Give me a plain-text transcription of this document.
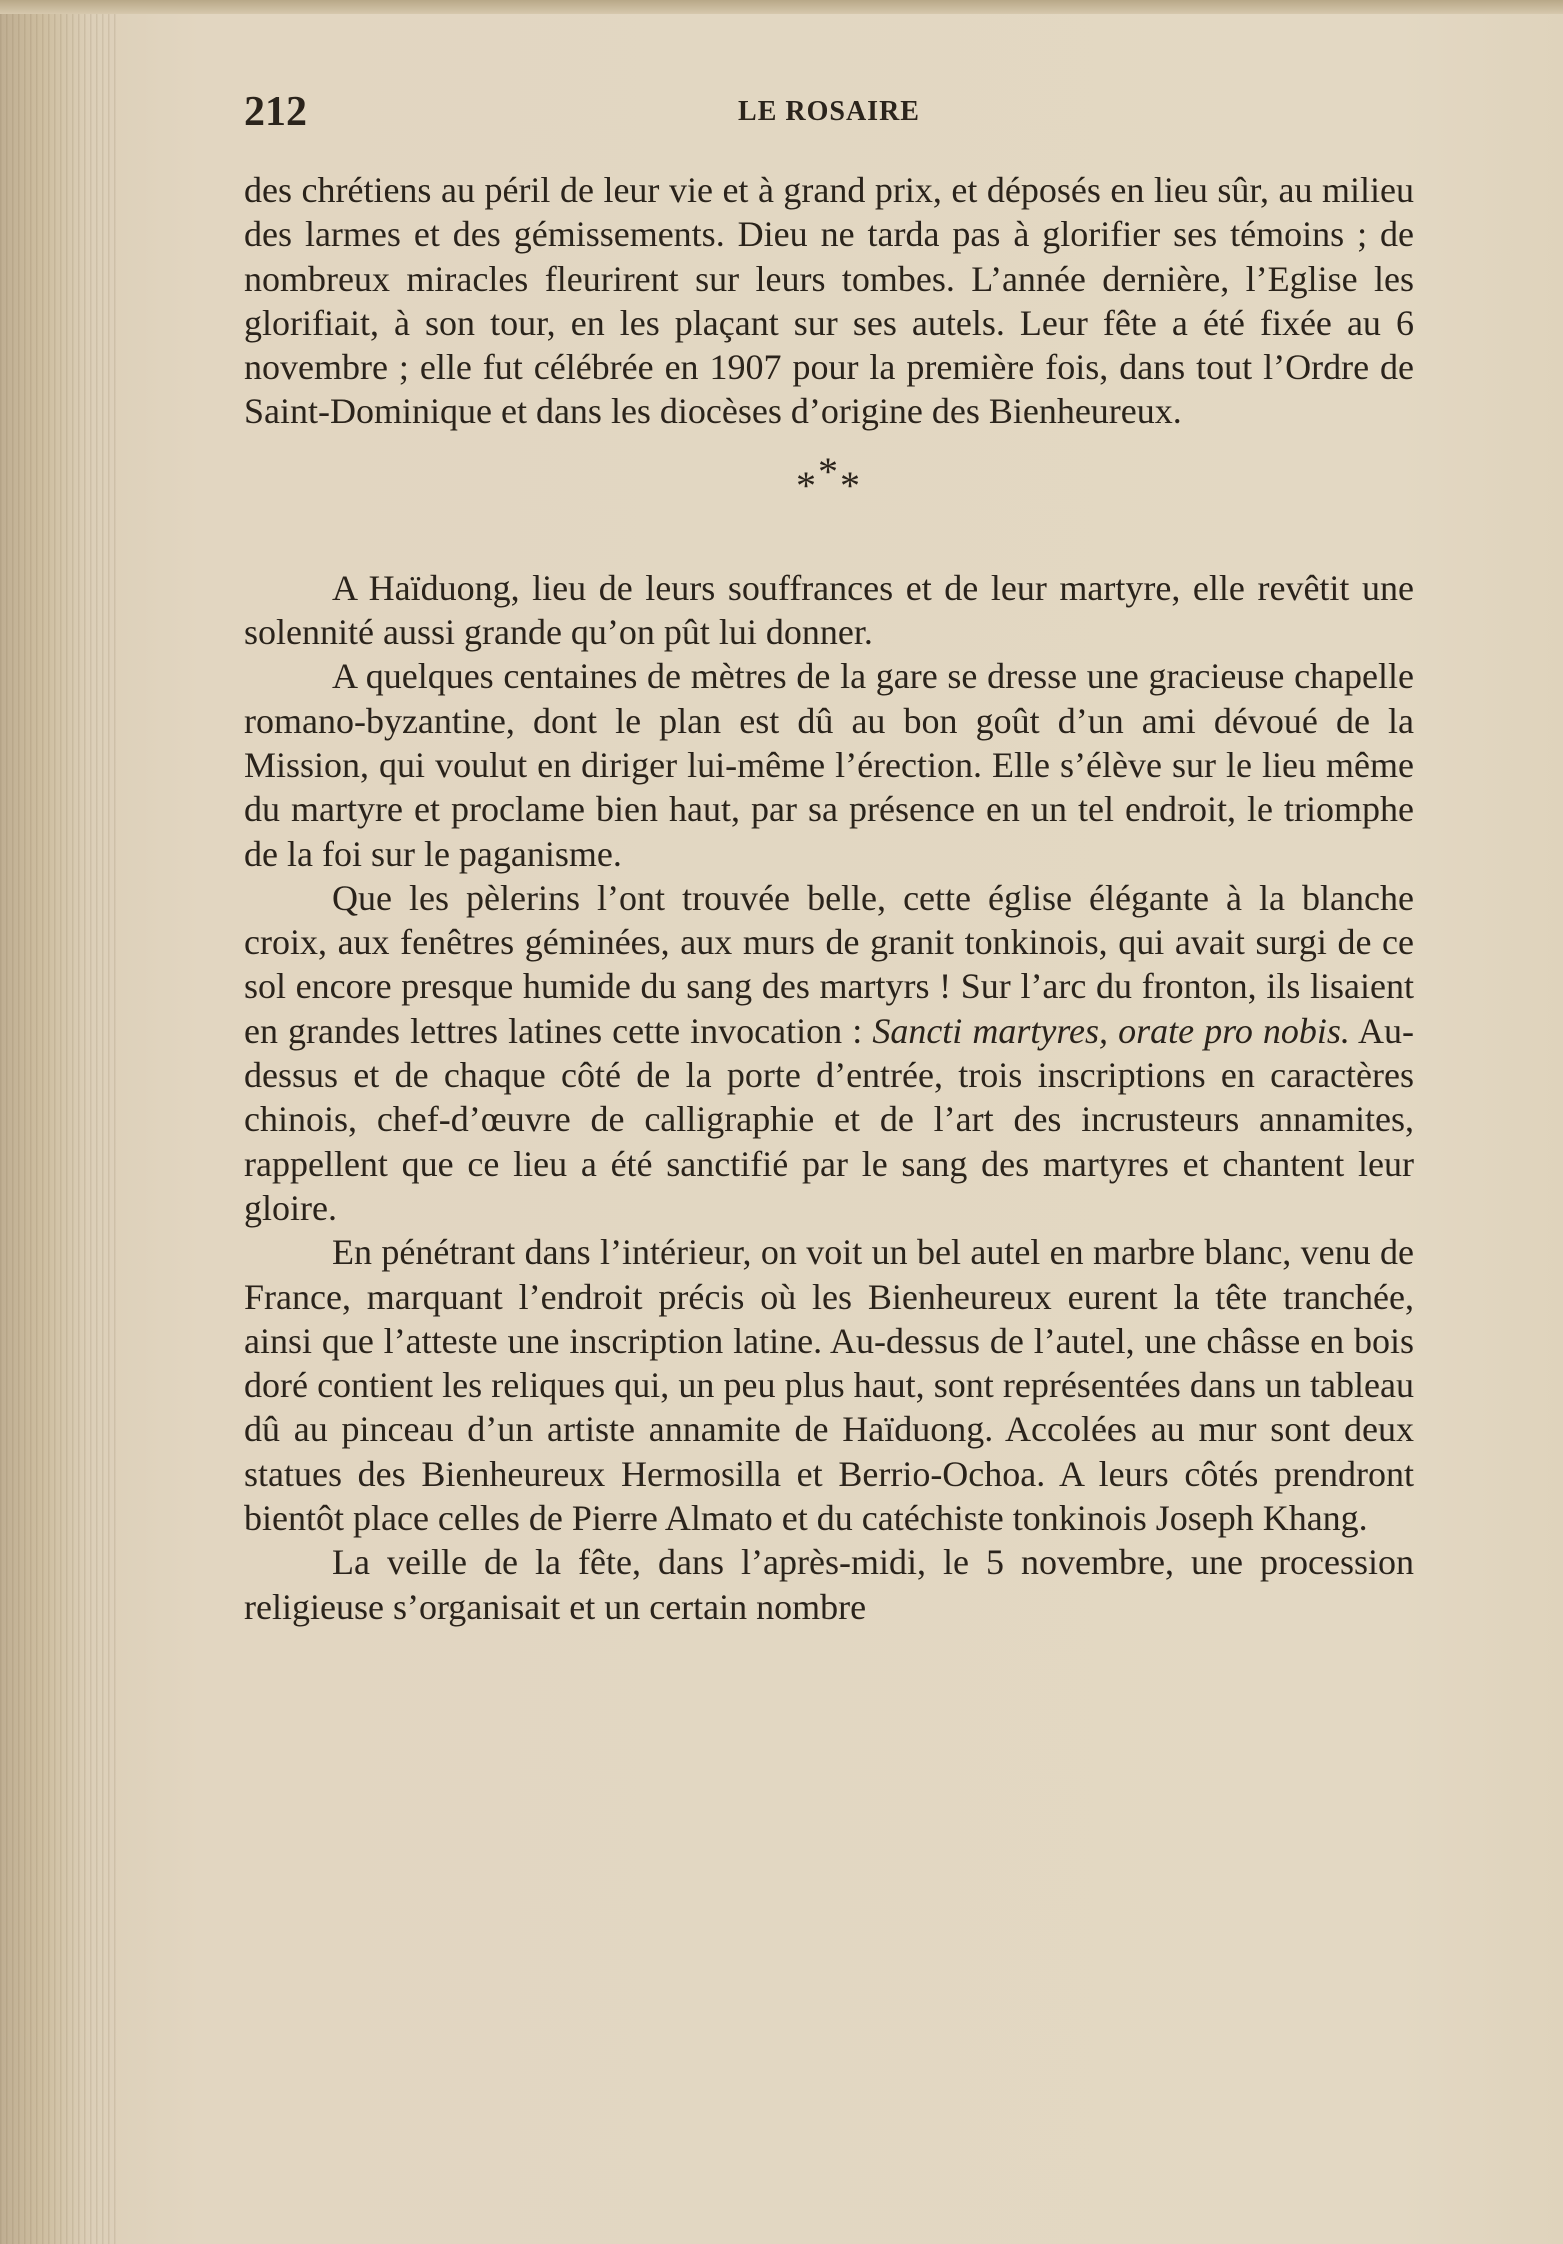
212	LE ROSAIRE

des chrétiens au péril de leur vie et à grand prix, et déposés en lieu sûr, au milieu des larmes et des gémissements. Dieu ne tarda pas à glorifier ses témoins ; de nombreux miracles fleurirent sur leurs tombes. L’année dernière, l’Eglise les glorifiait, à son tour, en les plaçant sur ses autels. Leur fête a été fixée au 6 novembre ; elle fut célébrée en 1907 pour la première fois, dans tout l’Ordre de Saint-Dominique et dans les diocèses d’origine des Bienheureux.

***

A Haïduong, lieu de leurs souffrances et de leur martyre, elle revêtit une solennité aussi grande qu’on pût lui donner.

A quelques centaines de mètres de la gare se dresse une gracieuse chapelle romano-byzantine, dont le plan est dû au bon goût d’un ami dévoué de la Mission, qui voulut en diriger lui-même l’érection. Elle s’élève sur le lieu même du martyre et proclame bien haut, par sa présence en un tel endroit, le triomphe de la foi sur le paganisme.

Que les pèlerins l’ont trouvée belle, cette église élégante à la blanche croix, aux fenêtres géminées, aux murs de granit tonkinois, qui avait surgi de ce sol encore presque humide du sang des martyrs ! Sur l’arc du fronton, ils lisaient en grandes lettres latines cette invocation : Sancti martyres, orate pro nobis. Au-dessus et de chaque côté de la porte d’entrée, trois inscriptions en caractères chinois, chef-d’œuvre de calligraphie et de l’art des incrusteurs annamites, rappellent que ce lieu a été sanctifié par le sang des martyres et chantent leur gloire.

En pénétrant dans l’intérieur, on voit un bel autel en marbre blanc, venu de France, marquant l’endroit précis où les Bienheureux eurent la tête tranchée, ainsi que l’atteste une inscription latine. Au-dessus de l’autel, une châsse en bois doré contient les reliques qui, un peu plus haut, sont représentées dans un tableau dû au pinceau d’un artiste annamite de Haïduong. Accolées au mur sont deux statues des Bienheureux Hermosilla et Berrio-Ochoa. A leurs côtés prendront bientôt place celles de Pierre Almato et du catéchiste tonkinois Joseph Khang.

La veille de la fête, dans l’après-midi, le 5 novembre, une procession religieuse s’organisait et un certain nombre
